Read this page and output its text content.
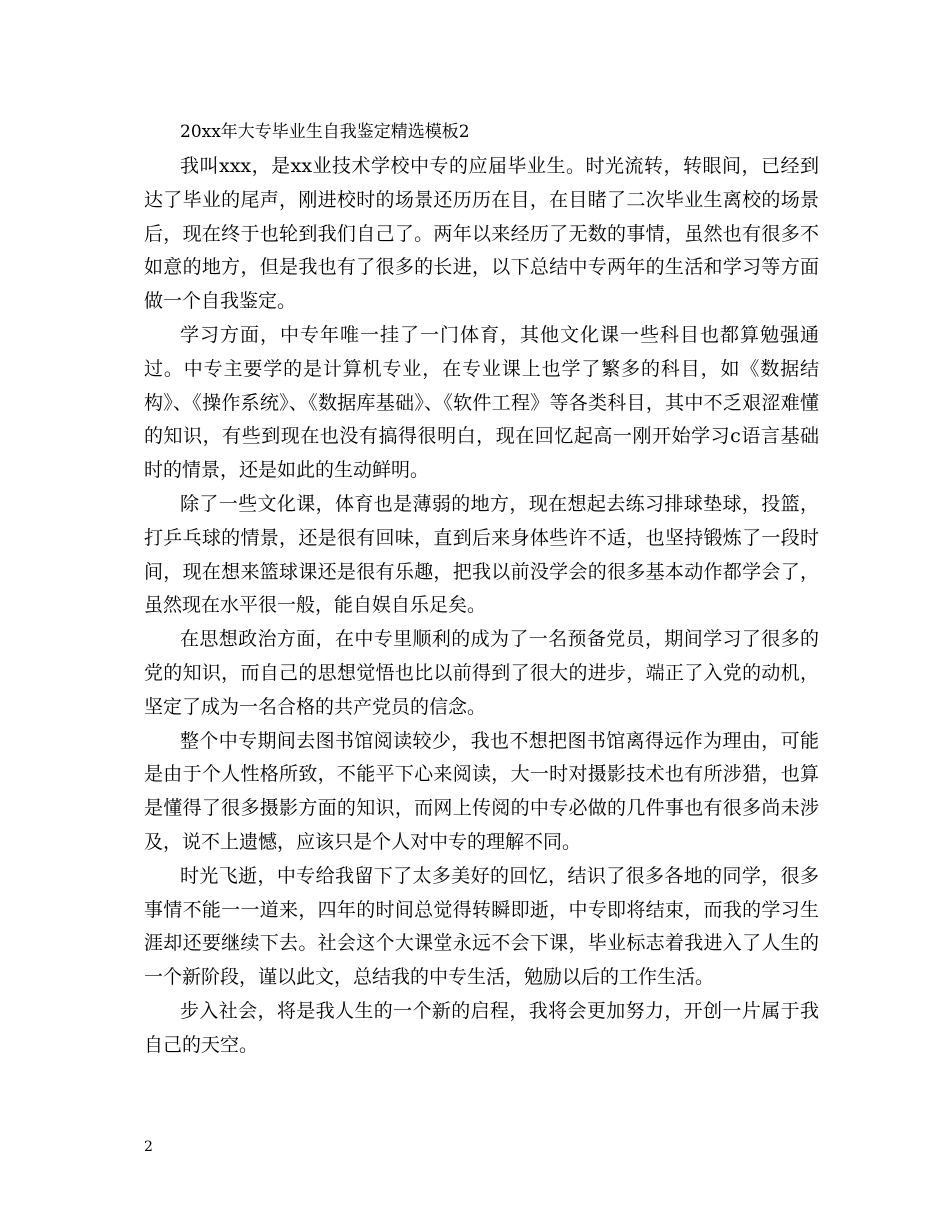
20xx年大专毕业生自我鉴定精选模板2

我叫xxx，是xx业技术学校中专的应届毕业生。时光流转，转眼间，已经到达了毕业的尾声，刚进校时的场景还历历在目，在目睹了二次毕业生离校的场景后，现在终于也轮到我们自己了。两年以来经历了无数的事情，虽然也有很多不如意的地方，但是我也有了很多的长进，以下总结中专两年的生活和学习等方面做一个自我鉴定。

学习方面，中专年唯一挂了一门体育，其他文化课一些科目也都算勉强通过。中专主要学的是计算机专业，在专业课上也学了繁多的科目，如《数据结构》、《操作系统》、《数据库基础》、《软件工程》等各类科目，其中不乏艰涩难懂的知识，有些到现在也没有搞得很明白，现在回忆起高一刚开始学习c语言基础时的情景，还是如此的生动鲜明。

除了一些文化课，体育也是薄弱的地方，现在想起去练习排球垫球，投篮，打乒乓球的情景，还是很有回味，直到后来身体些许不适，也坚持锻炼了一段时间，现在想来篮球课还是很有乐趣，把我以前没学会的很多基本动作都学会了，虽然现在水平很一般，能自娱自乐足矣。

在思想政治方面，在中专里顺利的成为了一名预备党员，期间学习了很多的党的知识，而自己的思想觉悟也比以前得到了很大的进步，端正了入党的动机，坚定了成为一名合格的共产党员的信念。

整个中专期间去图书馆阅读较少，我也不想把图书馆离得远作为理由，可能是由于个人性格所致，不能平下心来阅读，大一时对摄影技术也有所涉猎，也算是懂得了很多摄影方面的知识，而网上传阅的中专必做的几件事也有很多尚未涉及，说不上遗憾，应该只是个人对中专的理解不同。

时光飞逝，中专给我留下了太多美好的回忆，结识了很多各地的同学，很多事情不能一一道来，四年的时间总觉得转瞬即逝，中专即将结束，而我的学习生涯却还要继续下去。社会这个大课堂永远不会下课，毕业标志着我进入了人生的一个新阶段，谨以此文，总结我的中专生活，勉励以后的工作生活。

步入社会，将是我人生的一个新的启程，我将会更加努力，开创一片属于我自己的天空。

2
